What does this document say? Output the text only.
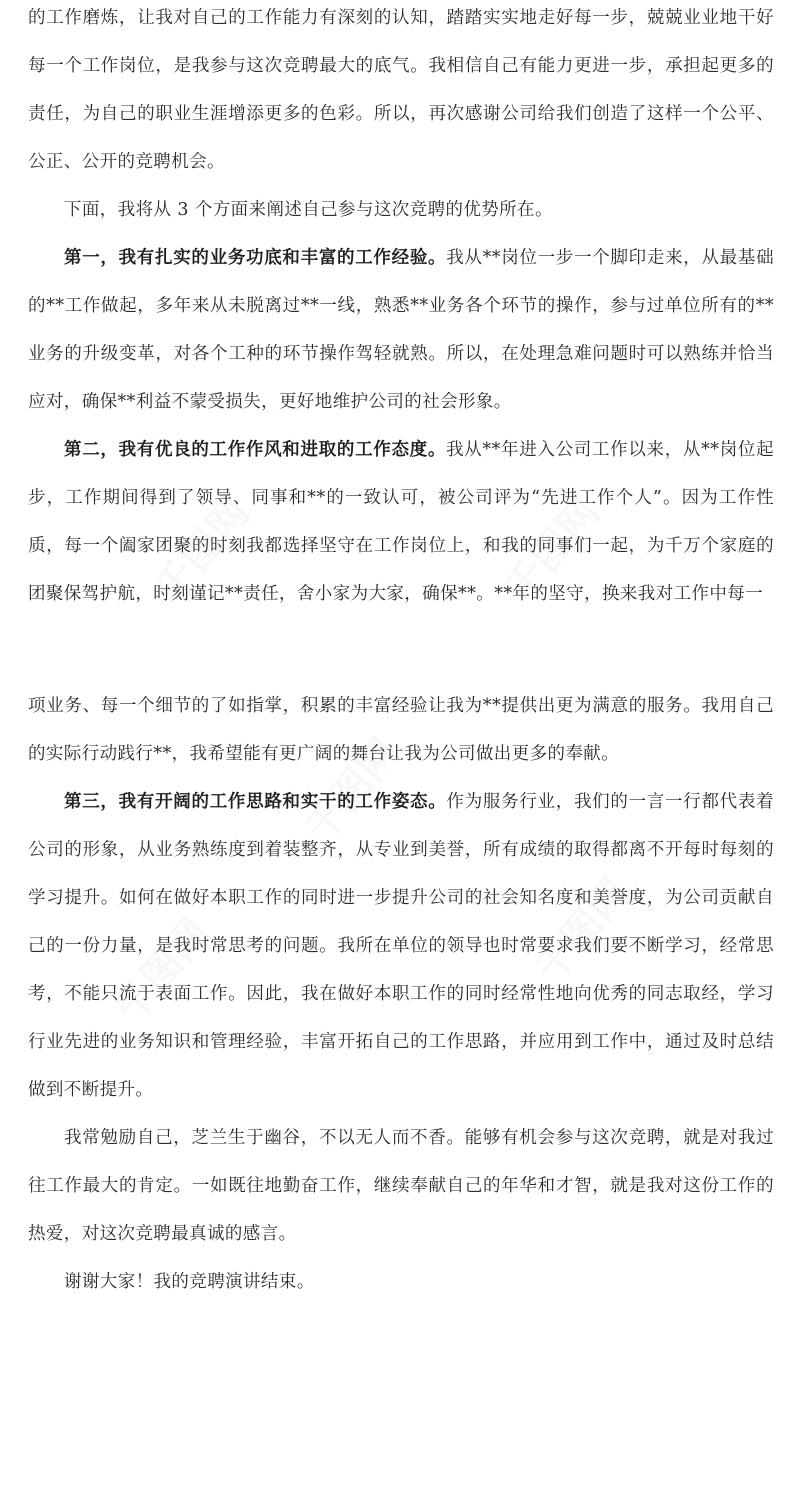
千图网	千图网
千图网
千图网
千图网

的工作磨炼，让我对自己的工作能力有深刻的认知，踏踏实实地走好每一步，兢兢业业地干好每一个工作岗位，是我参与这次竞聘最大的底气。我相信自己有能力更进一步，承担起更多的责任，为自己的职业生涯增添更多的色彩。所以，再次感谢公司给我们创造了这样一个公平、公正、公开的竞聘机会。

下面，我将从 3 个方面来阐述自己参与这次竞聘的优势所在。

第一，我有扎实的业务功底和丰富的工作经验。我从**岗位一步一个脚印走来，从最基础的**工作做起，多年来从未脱离过**一线，熟悉**业务各个环节的操作，参与过单位所有的**业务的升级变革，对各个工种的环节操作驾轻就熟。所以，在处理急难问题时可以熟练并恰当应对，确保**利益不蒙受损失，更好地维护公司的社会形象。

第二，我有优良的工作作风和进取的工作态度。我从**年进入公司工作以来，从**岗位起步，工作期间得到了领导、同事和**的一致认可，被公司评为“先进工作个人”。因为工作性质，每一个阖家团聚的时刻我都选择坚守在工作岗位上，和我的同事们一起，为千万个家庭的团聚保驾护航，时刻谨记**责任，舍小家为大家，确保**。**年的坚守，换来我对工作中每一

项业务、每一个细节的了如指掌，积累的丰富经验让我为**提供出更为满意的服务。我用自己的实际行动践行**，我希望能有更广阔的舞台让我为公司做出更多的奉献。

第三，我有开阔的工作思路和实干的工作姿态。作为服务行业，我们的一言一行都代表着公司的形象，从业务熟练度到着装整齐，从专业到美誉，所有成绩的取得都离不开每时每刻的学习提升。如何在做好本职工作的同时进一步提升公司的社会知名度和美誉度，为公司贡献自己的一份力量，是我时常思考的问题。我所在单位的领导也时常要求我们要不断学习，经常思考，不能只流于表面工作。因此，我在做好本职工作的同时经常性地向优秀的同志取经，学习行业先进的业务知识和管理经验，丰富开拓自己的工作思路，并应用到工作中，通过及时总结做到不断提升。

我常勉励自己，芝兰生于幽谷，不以无人而不香。能够有机会参与这次竞聘，就是对我过往工作最大的肯定。一如既往地勤奋工作，继续奉献自己的年华和才智，就是我对这份工作的热爱，对这次竞聘最真诚的感言。

谢谢大家！我的竞聘演讲结束。
